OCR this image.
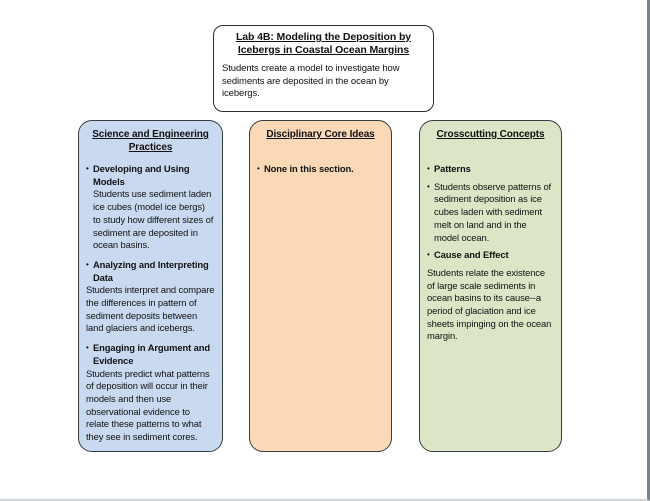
Lab 4B: Modeling the Deposition by Icebergs in Coastal Ocean Margins
Students create a model to investigate how sediments are deposited in the ocean by icebergs.
Science and Engineering Practices
• Developing and Using Models
Students use sediment laden ice cubes (model ice bergs) to study how different sizes of sediment are deposited in ocean basins.
• Analyzing and Interpreting Data
Students interpret and compare the differences in pattern of sediment deposits between land glaciers and icebergs.
• Engaging in Argument and Evidence
Students predict what patterns of deposition will occur in their models and then use observational evidence to relate these patterns to what they see in sediment cores.
Disciplinary Core Ideas
• None in this section.
Crosscutting Concepts
• Patterns
• Students observe patterns of sediment deposition as ice cubes laden with sediment melt on land and in the model ocean.
• Cause and Effect
Students relate the existence of large scale sediments in ocean basins to its cause--a period of glaciation and ice sheets impinging on the ocean margin.
